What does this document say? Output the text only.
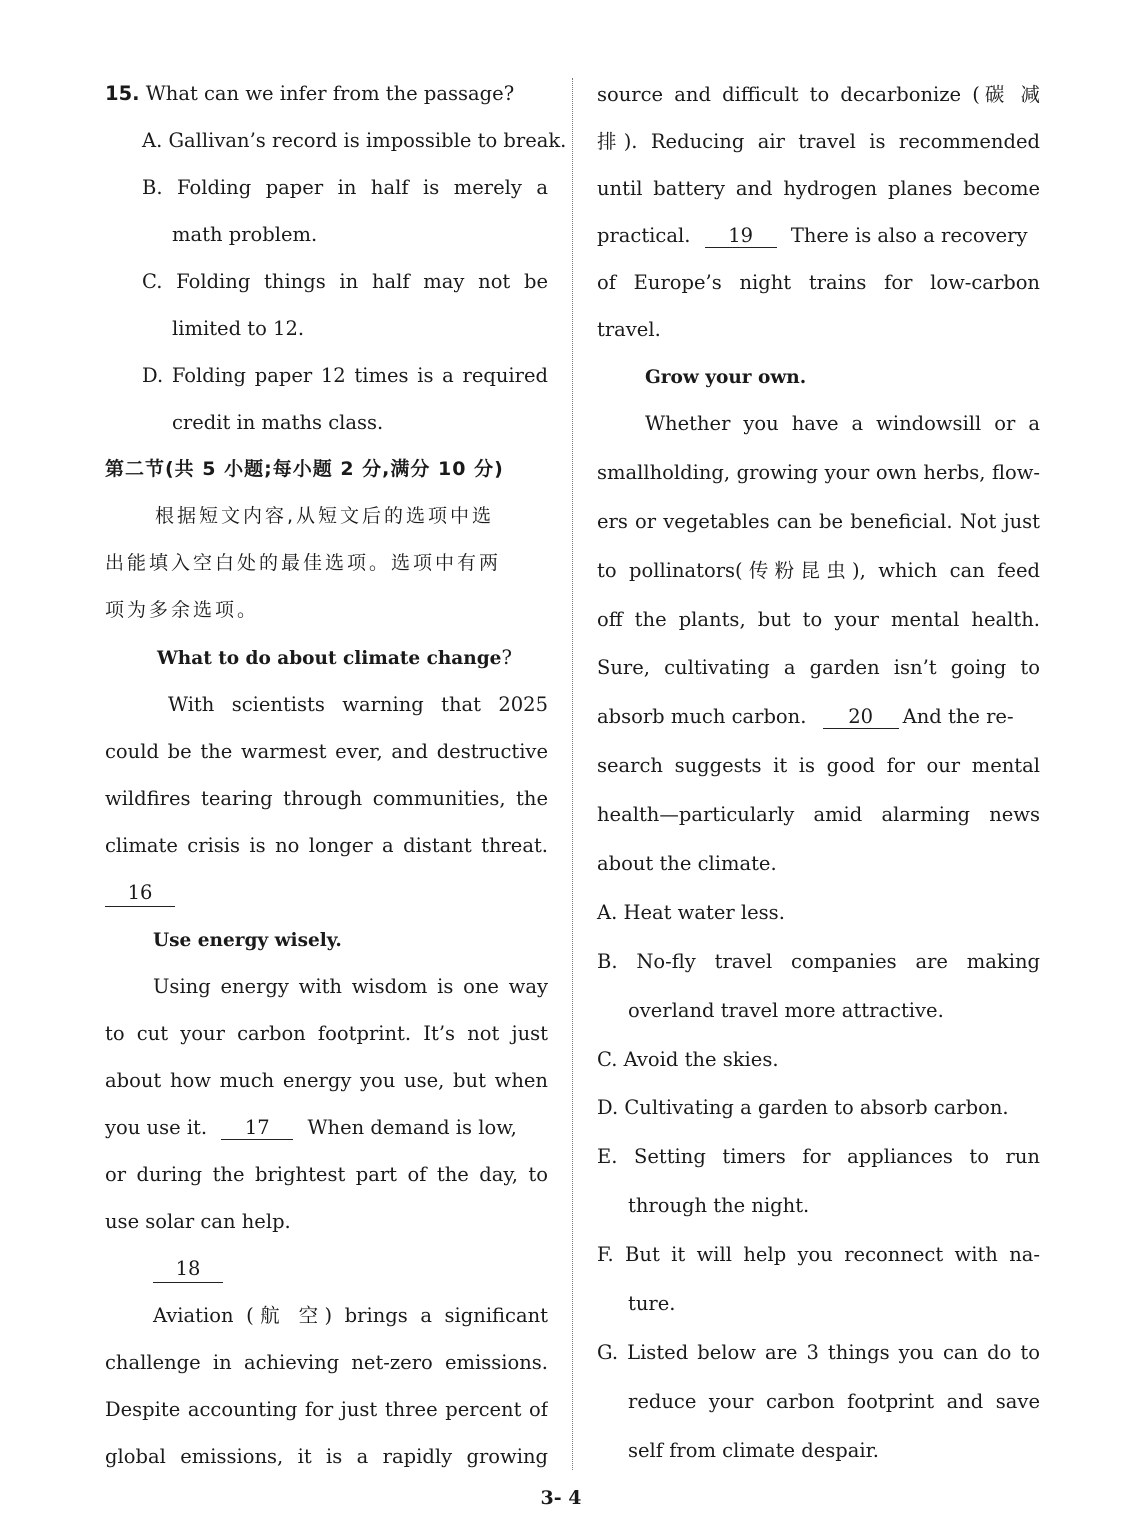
15. What can we infer from the passage?
A. Gallivan’s record is impossible to break.
B. Folding paper in half is merely a
math problem.
C. Folding things in half may not be
limited to 12.
D. Folding paper 12 times is a required
credit in maths class.
第二节(共 5 小题;每小题 2 分,满分 10 分)
根据短文内容,从短文后的选项中选
出能填入空白处的最佳选项。选项中有两
项为多余选项。
What to do about climate change?
With scientists warning that 2025
could be the warmest ever, and destructive
wildfires tearing through communities, the
climate crisis is no longer a distant threat.
16
Use energy wisely.
Using energy with wisdom is one way
to cut your carbon footprint. It’s not just
about how much energy you use, but when
you use it. 17 When demand is low,
or during the brightest part of the day, to
use solar can help.
18
Aviation (航 空) brings a significant
challenge in achieving net-zero emissions.
Despite accounting for just three percent of
global emissions, it is a rapidly growing
source and difficult to decarbonize (碳 减
排). Reducing air travel is recommended
until battery and hydrogen planes become
practical. 19 There is also a recovery
of Europe’s night trains for low-carbon
travel.
Grow your own.
Whether you have a windowsill or a
smallholding, growing your own herbs, flow-
ers or vegetables can be beneficial. Not just
to pollinators(传粉昆虫), which can feed
off the plants, but to your mental health.
Sure, cultivating a garden isn’t going to
absorb much carbon. 20 And the re-
search suggests it is good for our mental
health—particularly amid alarming news
about the climate.
A. Heat water less.
B. No-fly travel companies are making
overland travel more attractive.
C. Avoid the skies.
D. Cultivating a garden to absorb carbon.
E. Setting timers for appliances to run
through the night.
F. But it will help you reconnect with na-
ture.
G. Listed below are 3 things you can do to
reduce your carbon footprint and save
self from climate despair.
3- 4
